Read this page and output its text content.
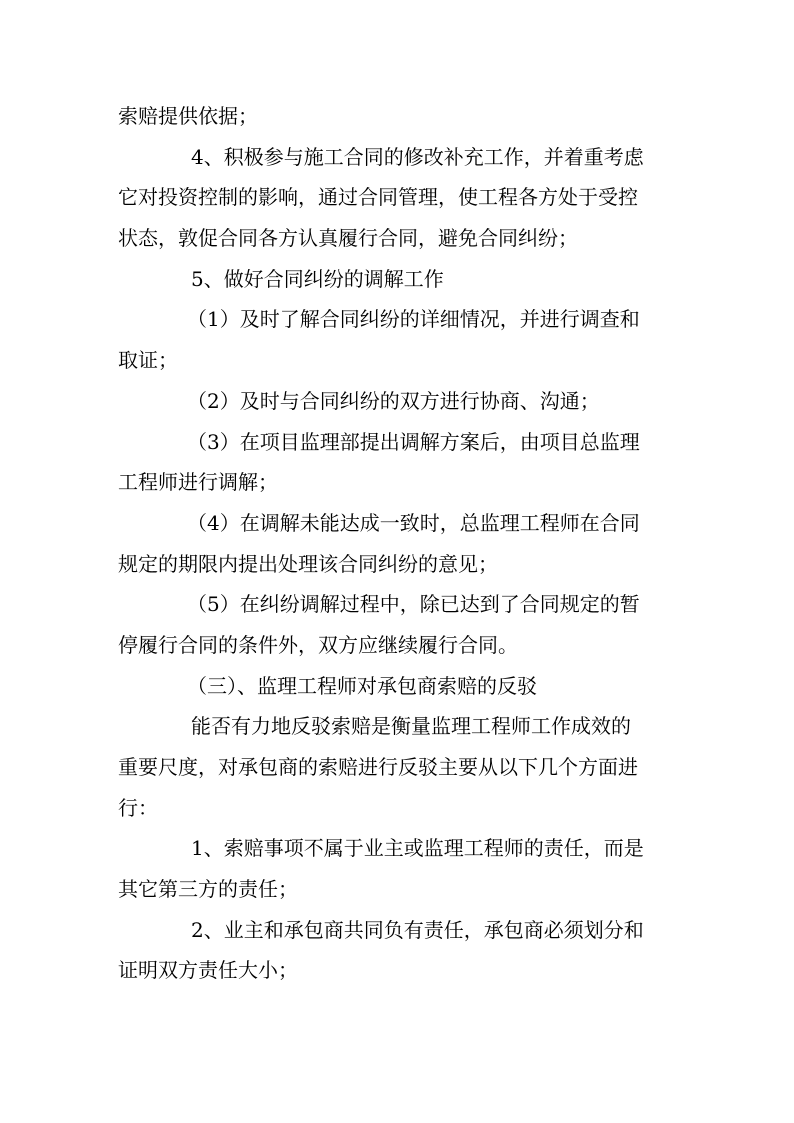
索赔提供依据；
4、积极参与施工合同的修改补充工作，并着重考虑
它对投资控制的影响，通过合同管理，使工程各方处于受控
状态，敦促合同各方认真履行合同，避免合同纠纷；
5、做好合同纠纷的调解工作
（1）及时了解合同纠纷的详细情况，并进行调查和
取证；
（2）及时与合同纠纷的双方进行协商、沟通；
（3）在项目监理部提出调解方案后，由项目总监理
工程师进行调解；
（4）在调解未能达成一致时，总监理工程师在合同
规定的期限内提出处理该合同纠纷的意见；
（5）在纠纷调解过程中，除已达到了合同规定的暂
停履行合同的条件外，双方应继续履行合同。
（三）、监理工程师对承包商索赔的反驳
能否有力地反驳索赔是衡量监理工程师工作成效的
重要尺度，对承包商的索赔进行反驳主要从以下几个方面进
行：
1、索赔事项不属于业主或监理工程师的责任，而是
其它第三方的责任；
2、业主和承包商共同负有责任，承包商必须划分和
证明双方责任大小；
